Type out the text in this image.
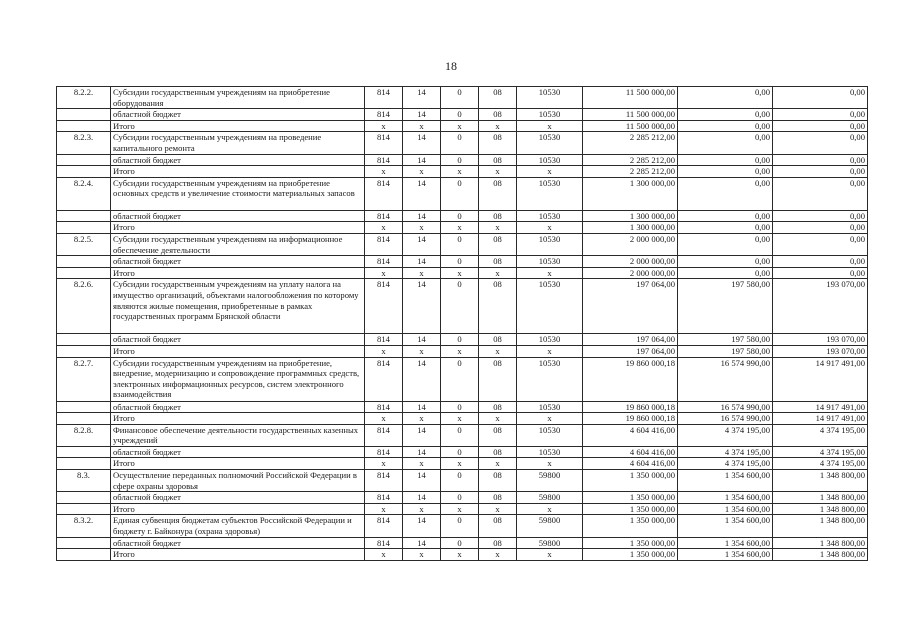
18
8.2.2.	Субсидии государственным учреждениям на приобретение оборудования	814	14	0	08	10530	11 500 000,00	0,00	0,00
	областной бюджет	814	14	0	08	10530	11 500 000,00	0,00	0,00
	Итого	x	x	x	x	x	11 500 000,00	0,00	0,00
8.2.3.	Субсидии государственным учреждениям на проведение капитального ремонта	814	14	0	08	10530	2 285 212,00	0,00	0,00
	областной бюджет	814	14	0	08	10530	2 285 212,00	0,00	0,00
	Итого	x	x	x	x	x	2 285 212,00	0,00	0,00
8.2.4.	Субсидии государственным учреждениям на приобретение основных средств и увеличение стоимости материальных запасов	814	14	0	08	10530	1 300 000,00	0,00	0,00
	областной бюджет	814	14	0	08	10530	1 300 000,00	0,00	0,00
	Итого	x	x	x	x	x	1 300 000,00	0,00	0,00
8.2.5.	Субсидии государственным учреждениям на информационное обеспечение деятельности	814	14	0	08	10530	2 000 000,00	0,00	0,00
	областной бюджет	814	14	0	08	10530	2 000 000,00	0,00	0,00
	Итого	x	x	x	x	x	2 000 000,00	0,00	0,00
8.2.6.	Субсидии государственным учреждениям на уплату налога на имущество организаций, объектами налогообложения по которому являются жилые помещения, приобретенные в рамках государственных программ Брянской области	814	14	0	08	10530	197 064,00	197 580,00	193 070,00
	областной бюджет	814	14	0	08	10530	197 064,00	197 580,00	193 070,00
	Итого	x	x	x	x	x	197 064,00	197 580,00	193 070,00
8.2.7.	Субсидии государственным учреждениям на приобретение, внедрение, модернизацию и сопровождение программных средств, электронных информационных ресурсов, систем электронного взаимодействия	814	14	0	08	10530	19 860 000,18	16 574 990,00	14 917 491,00
	областной бюджет	814	14	0	08	10530	19 860 000,18	16 574 990,00	14 917 491,00
	Итого	x	x	x	x	x	19 860 000,18	16 574 990,00	14 917 491,00
8.2.8.	Финансовое обеспечение деятельности государственных казенных учреждений	814	14	0	08	10530	4 604 416,00	4 374 195,00	4 374 195,00
	областной бюджет	814	14	0	08	10530	4 604 416,00	4 374 195,00	4 374 195,00
	Итого	x	x	x	x	x	4 604 416,00	4 374 195,00	4 374 195,00
8.3.	Осуществление переданных полномочий Российской Федерации в сфере охраны здоровья	814	14	0	08	59800	1 350 000,00	1 354 600,00	1 348 800,00
	областной бюджет	814	14	0	08	59800	1 350 000,00	1 354 600,00	1 348 800,00
	Итого	x	x	x	x	x	1 350 000,00	1 354 600,00	1 348 800,00
8.3.2.	Единая субвенция бюджетам субъектов Российской Федерации и бюджету г. Байконура (охрана здоровья)	814	14	0	08	59800	1 350 000,00	1 354 600,00	1 348 800,00
	областной бюджет	814	14	0	08	59800	1 350 000,00	1 354 600,00	1 348 800,00
	Итого	x	x	x	x	x	1 350 000,00	1 354 600,00	1 348 800,00
